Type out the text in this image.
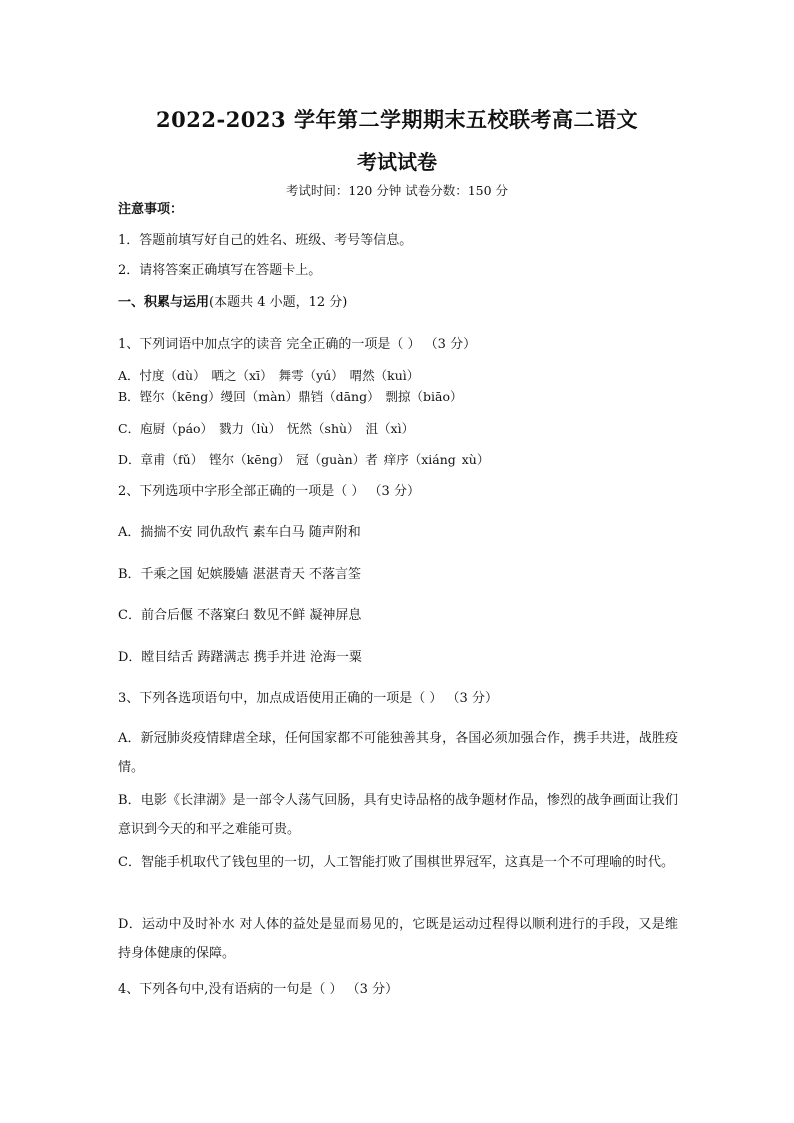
2022-2023 学年第二学期期末五校联考高二语文
考试试卷
考试时间：120 分钟 试卷分数：150 分
注意事项：
1．答题前填写好自己的姓名、班级、考号等信息。
2．请将答案正确填写在答题卡上。
一、积累与运用(本题共 4 小题，12 分)
1、下列词语中加点字的读音 完全正确的一项是（ ） （3 分）
A．忖度（dù） 哂之（xī） 舞雩（yú） 喟然（kuì）
B．铿尔（kēng）缦回（màn）鼎铛（dāng） 剽掠（biāo）
C．庖厨（páo） 戮力（lù） 怃然（shù） 沮（xì）
D．章甫（fǔ） 铿尔（kēng） 冠（guàn）者 痒序（xiáng xù）
2、下列选项中字形全部正确的一项是（ ） （3 分）
A．揣揣不安 同仇敌忾 素车白马 随声附和
B．千乘之国 妃嫔媵嫱 湛湛青天 不落言筌
C．前合后偃 不落窠臼 数见不鲜 凝神屏息
D．瞠目结舌 踌躇满志 携手并进 沧海一粟
3、下列各选项语句中，加点成语使用正确的一项是（ ） （3 分）
A．新冠肺炎疫情肆虐全球，任何国家都不可能独善其身，各国必须加强合作，携手共进，战胜疫情。
B．电影《长津湖》是一部令人荡气回肠，具有史诗品格的战争题材作品，惨烈的战争画面让我们意识到今天的和平之难能可贵。
C．智能手机取代了钱包里的一切，人工智能打败了围棋世界冠军，这真是一个不可理喻的时代。
D．运动中及时补水 对人体的益处是显而易见的，它既是运动过程得以顺利进行的手段，又是维持身体健康的保障。
4、下列各句中,没有语病的一句是（ ） （3 分）
